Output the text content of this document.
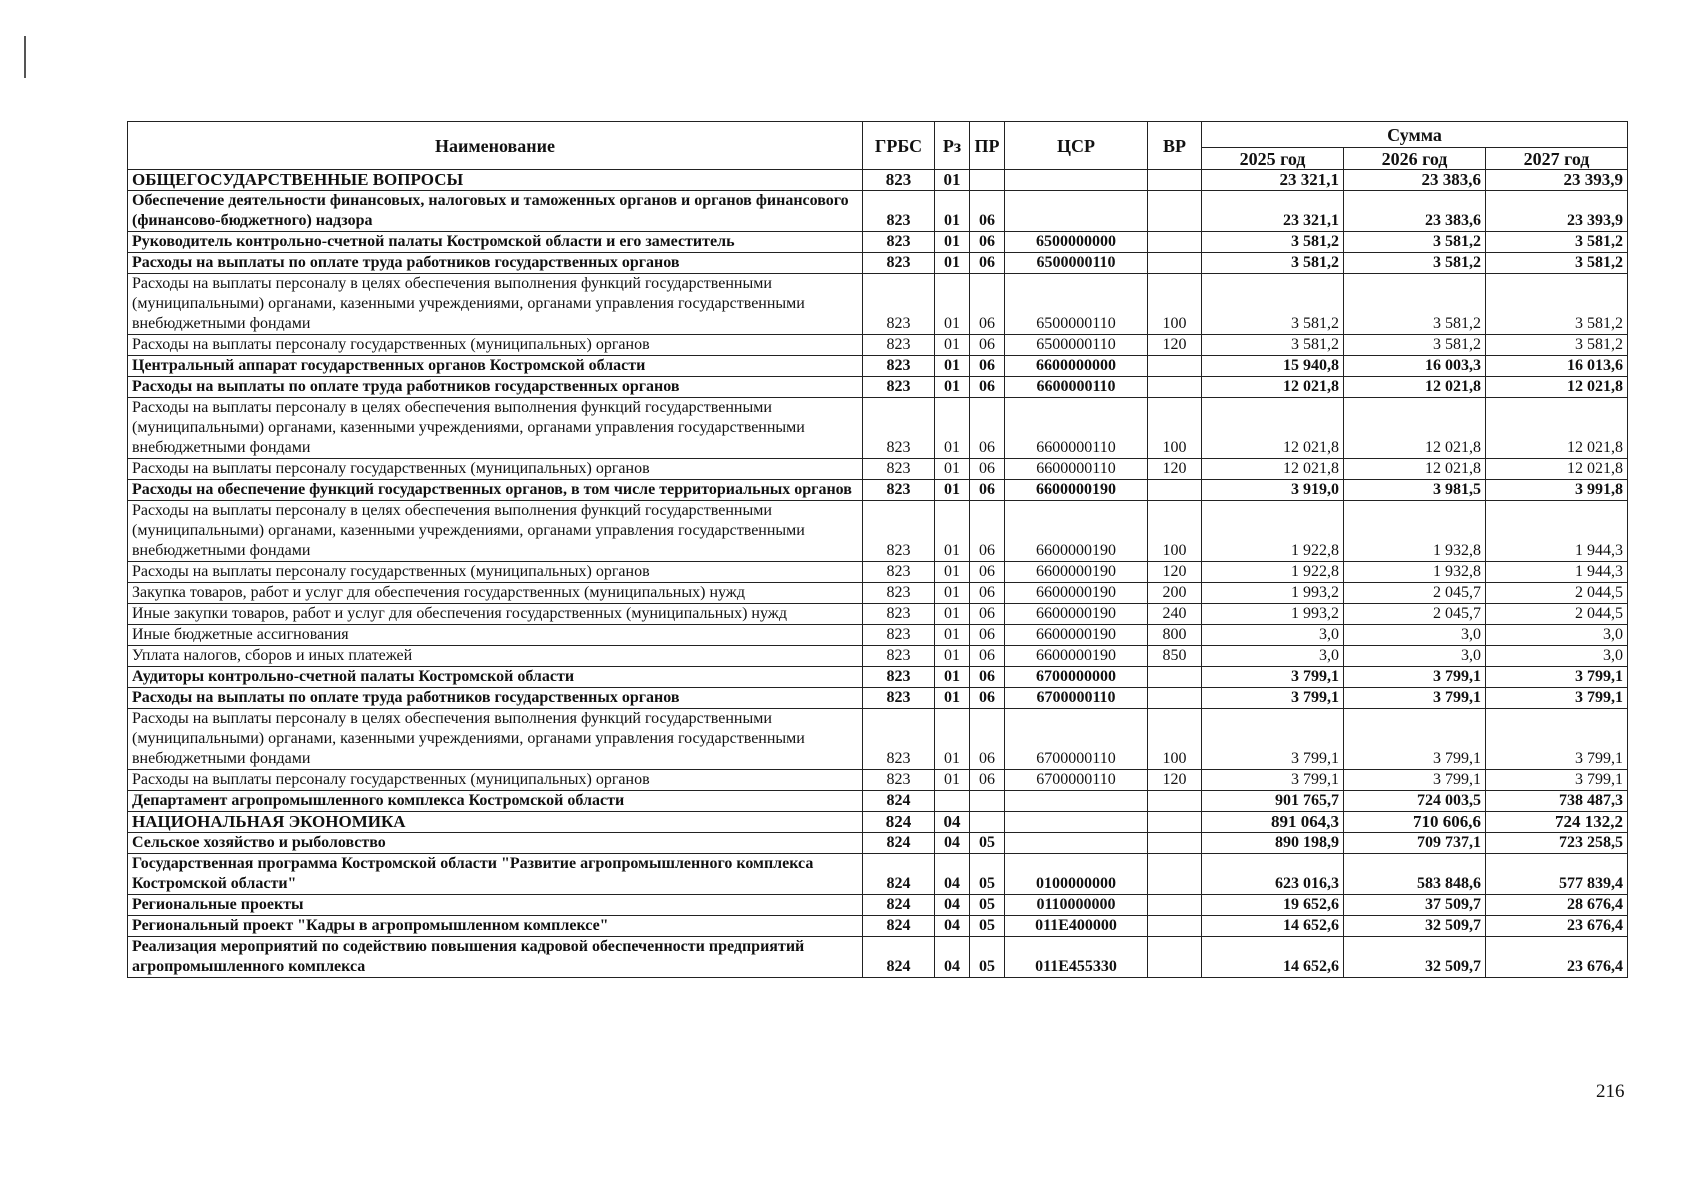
Наименование	ГРБС	Рз	ПР	ЦСР	ВР	Сумма		
						2025 год	2026 год	2027 год
ОБЩЕГОСУДАРСТВЕННЫЕ ВОПРОСЫ	823	01				23 321,1	23 383,6	23 393,9
Обеспечение деятельности финансовых, налоговых и таможенных органов и органов финансового (финансово-бюджетного) надзора	823	01	06			23 321,1	23 383,6	23 393,9
Руководитель контрольно-счетной палаты Костромской области и его заместитель	823	01	06	6500000000		3 581,2	3 581,2	3 581,2
Расходы на выплаты по оплате труда работников государственных органов	823	01	06	6500000110		3 581,2	3 581,2	3 581,2
Расходы на выплаты персоналу в целях обеспечения выполнения функций государственными (муниципальными) органами, казенными учреждениями, органами управления государственными внебюджетными фондами	823	01	06	6500000110	100	3 581,2	3 581,2	3 581,2
Расходы на выплаты персоналу государственных (муниципальных) органов	823	01	06	6500000110	120	3 581,2	3 581,2	3 581,2
Центральный аппарат государственных органов Костромской области	823	01	06	6600000000		15 940,8	16 003,3	16 013,6
Расходы на выплаты по оплате труда работников государственных органов	823	01	06	6600000110		12 021,8	12 021,8	12 021,8
Расходы на выплаты персоналу в целях обеспечения выполнения функций государственными (муниципальными) органами, казенными учреждениями, органами управления государственными внебюджетными фондами	823	01	06	6600000110	100	12 021,8	12 021,8	12 021,8
Расходы на выплаты персоналу государственных (муниципальных) органов	823	01	06	6600000110	120	12 021,8	12 021,8	12 021,8
Расходы на обеспечение функций государственных органов, в том числе территориальных органов	823	01	06	6600000190		3 919,0	3 981,5	3 991,8
Расходы на выплаты персоналу в целях обеспечения выполнения функций государственными (муниципальными) органами, казенными учреждениями, органами управления государственными внебюджетными фондами	823	01	06	6600000190	100	1 922,8	1 932,8	1 944,3
Расходы на выплаты персоналу государственных (муниципальных) органов	823	01	06	6600000190	120	1 922,8	1 932,8	1 944,3
Закупка товаров, работ и услуг для обеспечения государственных (муниципальных) нужд	823	01	06	6600000190	200	1 993,2	2 045,7	2 044,5
Иные закупки товаров, работ и услуг для обеспечения государственных (муниципальных) нужд	823	01	06	6600000190	240	1 993,2	2 045,7	2 044,5
Иные бюджетные ассигнования	823	01	06	6600000190	800	3,0	3,0	3,0
Уплата налогов, сборов и иных платежей	823	01	06	6600000190	850	3,0	3,0	3,0
Аудиторы контрольно-счетной палаты Костромской области	823	01	06	6700000000		3 799,1	3 799,1	3 799,1
Расходы на выплаты по оплате труда работников государственных органов	823	01	06	6700000110		3 799,1	3 799,1	3 799,1
Расходы на выплаты персоналу в целях обеспечения выполнения функций государственными (муниципальными) органами, казенными учреждениями, органами управления государственными внебюджетными фондами	823	01	06	6700000110	100	3 799,1	3 799,1	3 799,1
Расходы на выплаты персоналу государственных (муниципальных) органов	823	01	06	6700000110	120	3 799,1	3 799,1	3 799,1
Департамент агропромышленного комплекса Костромской области	824					901 765,7	724 003,5	738 487,3
НАЦИОНАЛЬНАЯ ЭКОНОМИКА	824	04				891 064,3	710 606,6	724 132,2
Сельское хозяйство и рыболовство	824	04	05			890 198,9	709 737,1	723 258,5
Государственная программа Костромской области "Развитие агропромышленного комплекса Костромской области"	824	04	05	0100000000		623 016,3	583 848,6	577 839,4
Региональные проекты	824	04	05	0110000000		19 652,6	37 509,7	28 676,4
Региональный проект "Кадры в агропромышленном комплексе"	824	04	05	011E400000		14 652,6	32 509,7	23 676,4
Реализация мероприятий по содействию повышения кадровой обеспеченности предприятий агропромышленного комплекса	824	04	05	011E455330		14 652,6	32 509,7	23 676,4
216
